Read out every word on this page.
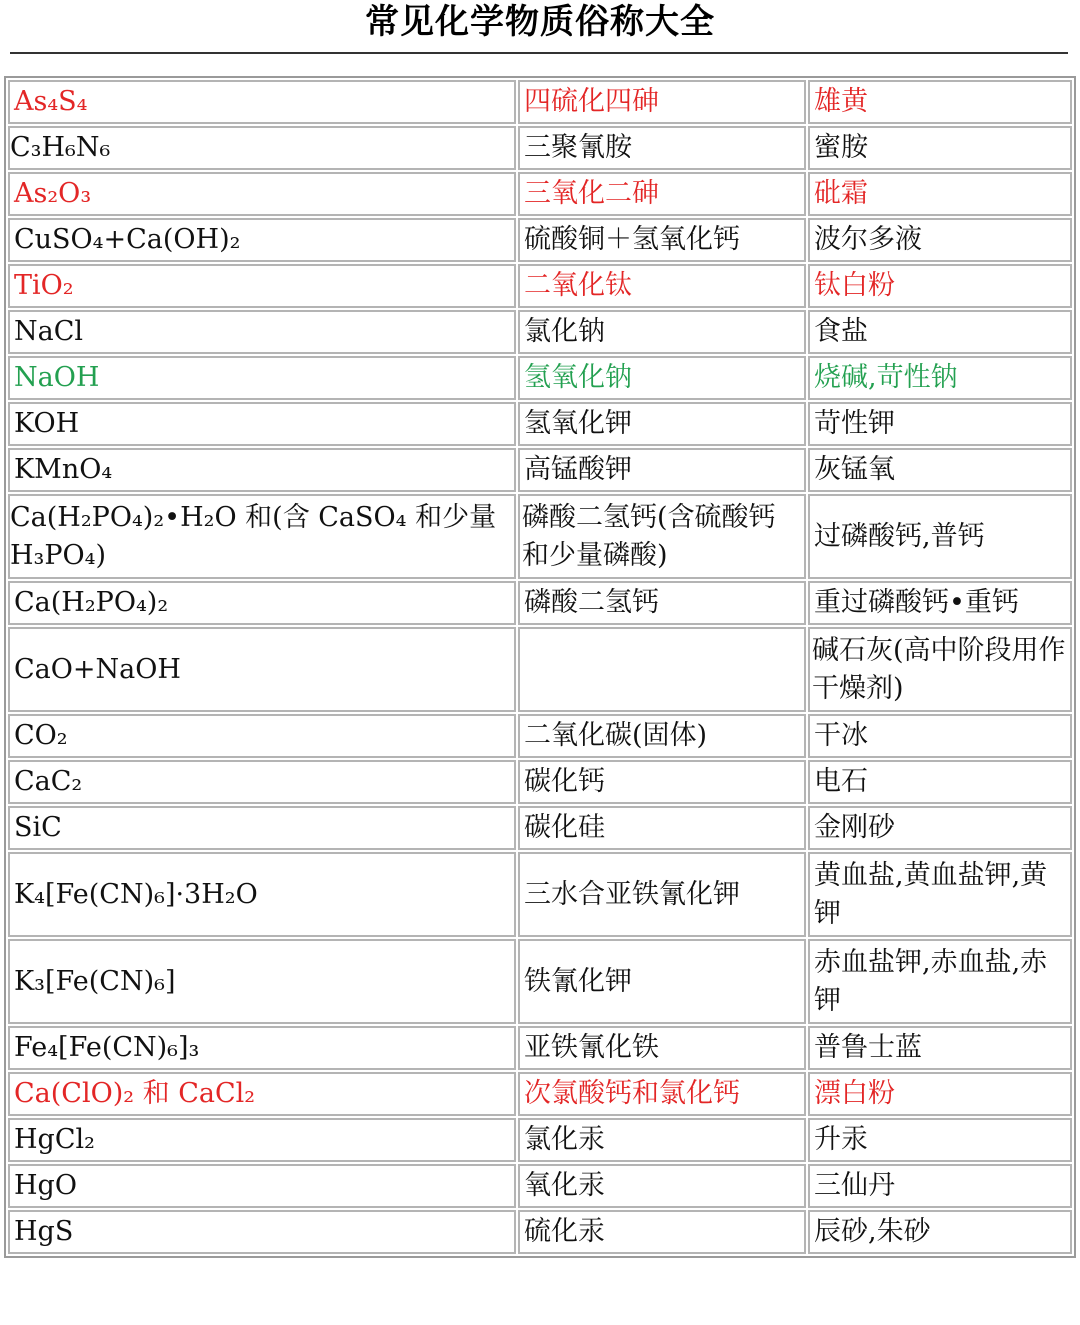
常见化学物质俗称大全
As₄S₄	四硫化四砷	雄黄
C₃H₆N₆	三聚氰胺	蜜胺
As₂O₃	三氧化二砷	砒霜
CuSO₄+Ca(OH)₂	硫酸铜＋氢氧化钙	波尔多液
TiO₂	二氧化钛	钛白粉
NaCl	氯化钠	食盐
NaOH	氢氧化钠	烧碱,苛性钠
KOH	氢氧化钾	苛性钾
KMnO₄	高锰酸钾	灰锰氧
Ca(H₂PO₄)₂•H₂O 和(含 CaSO₄ 和少量 H₃PO₄)	磷酸二氢钙(含硫酸钙和少量磷酸)	过磷酸钙,普钙
Ca(H₂PO₄)₂	磷酸二氢钙	重过磷酸钙•重钙
CaO+NaOH		碱石灰(高中阶段用作干燥剂)
CO₂	二氧化碳(固体)	干冰
CaC₂	碳化钙	电石
SiC	碳化硅	金刚砂
K₄[Fe(CN)₆]·3H₂O	三水合亚铁氰化钾	黄血盐,黄血盐钾,黄钾
K₃[Fe(CN)₆]	铁氰化钾	赤血盐钾,赤血盐,赤钾
Fe₄[Fe(CN)₆]₃	亚铁氰化铁	普鲁士蓝
Ca(ClO)₂ 和 CaCl₂	次氯酸钙和氯化钙	漂白粉
HgCl₂	氯化汞	升汞
HgO	氧化汞	三仙丹
HgS	硫化汞	辰砂,朱砂
